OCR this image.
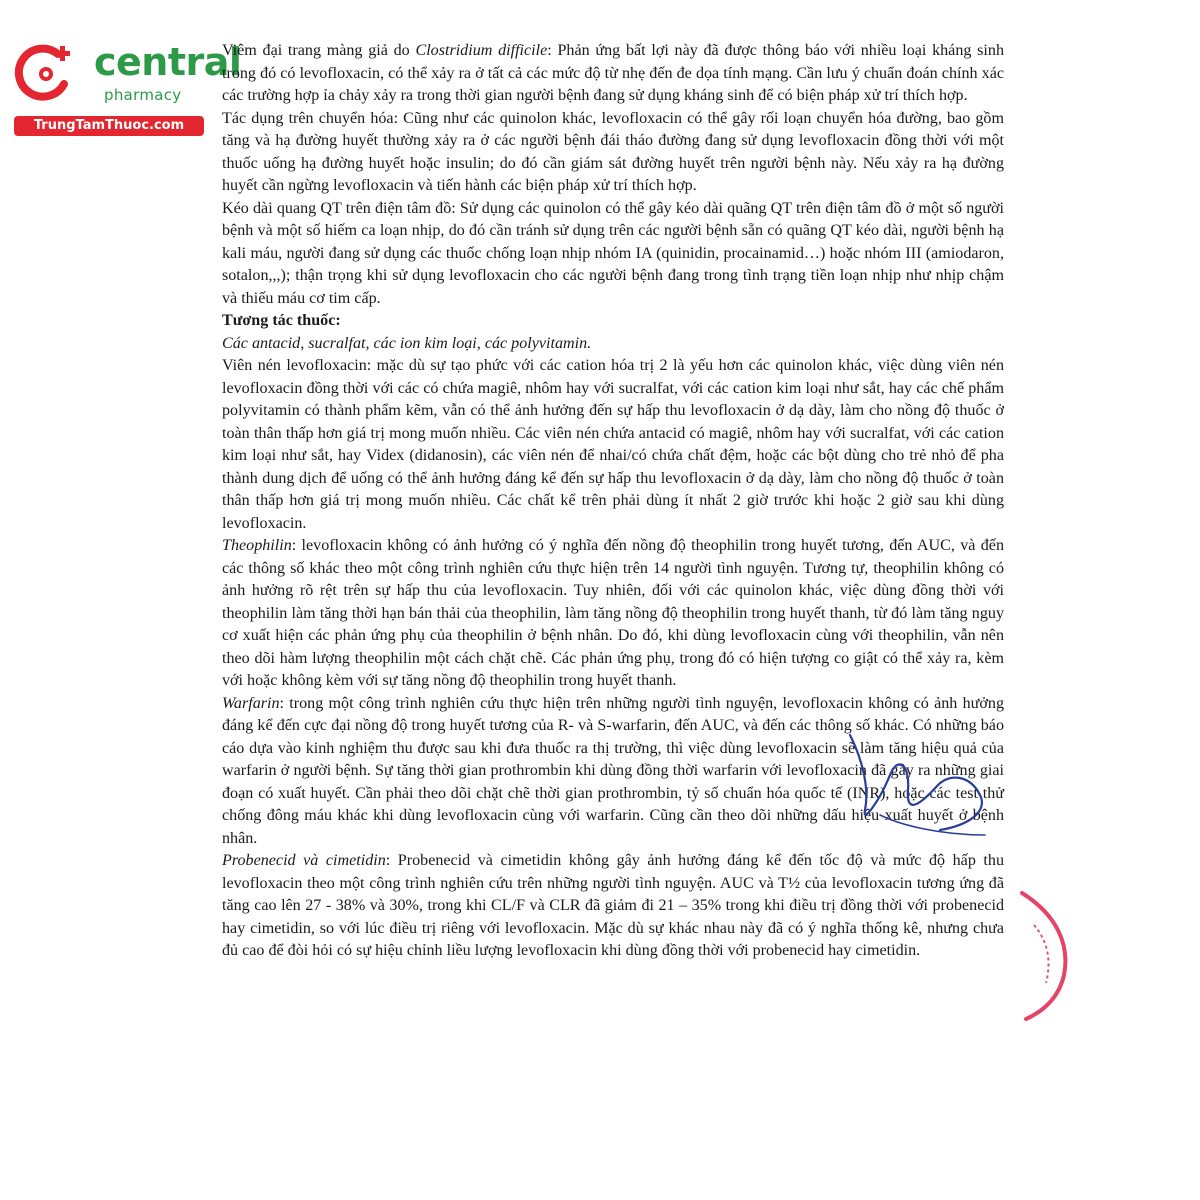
central
pharmacy
TrungTamThuoc.com

Viêm đại trang màng giả do Clostridium difficile: Phản ứng bất lợi này đã được thông báo với nhiều loại kháng sinh trong đó có levofloxacin, có thể xảy ra ở tất cả các mức độ từ nhẹ đến đe dọa tính mạng. Cần lưu ý chuẩn đoán chính xác các trường hợp ỉa chảy xảy ra trong thời gian người bệnh đang sử dụng kháng sinh để có biện pháp xử trí thích hợp.

Tác dụng trên chuyển hóa: Cũng như các quinolon khác, levofloxacin có thể gây rối loạn chuyển hóa đường, bao gồm tăng và hạ đường huyết thường xảy ra ở các người bệnh đái tháo đường đang sử dụng levofloxacin đồng thời với một thuốc uống hạ đường huyết hoặc insulin; do đó cần giám sát đường huyết trên người bệnh này. Nếu xảy ra hạ đường huyết cần ngừng levofloxacin và tiến hành các biện pháp xử trí thích hợp.

Kéo dài quang QT trên điện tâm đồ: Sử dụng các quinolon có thể gây kéo dài quãng QT trên điện tâm đồ ở một số người bệnh và một số hiếm ca loạn nhịp, do đó cần tránh sử dụng trên các người bệnh sẵn có quãng QT kéo dài, người bệnh hạ kali máu, người đang sử dụng các thuốc chống loạn nhịp nhóm IA (quinidin, procainamid…) hoặc nhóm III (amiodaron, sotalon,,,); thận trọng khi sử dụng levofloxacin cho các người bệnh đang trong tình trạng tiền loạn nhịp như nhịp chậm và thiếu máu cơ tim cấp.

Tương tác thuốc:

Các antacid, sucralfat, các ion kim loại, các polyvitamin.

Viên nén levofloxacin: mặc dù sự tạo phức với các cation hóa trị 2 là yếu hơn các quinolon khác, việc dùng viên nén levofloxacin đồng thời với các có chứa magiê, nhôm hay với sucralfat, với các cation kim loại như sắt, hay các chế phẩm polyvitamin có thành phẩm kẽm, vẫn có thể ảnh hưởng đến sự hấp thu levofloxacin ở dạ dày, làm cho nồng độ thuốc ở toàn thân thấp hơn giá trị mong muốn nhiều. Các viên nén chứa antacid có magiê, nhôm hay với sucralfat, với các cation kim loại như sắt, hay Videx (didanosin), các viên nén để nhai/có chứa chất đệm, hoặc các bột dùng cho trẻ nhỏ để pha thành dung dịch để uống có thể ảnh hưởng đáng kể đến sự hấp thu levofloxacin ở dạ dày, làm cho nồng độ thuốc ở toàn thân thấp hơn giá trị mong muốn nhiều. Các chất kể trên phải dùng ít nhất 2 giờ trước khi hoặc 2 giờ sau khi dùng levofloxacin.

Theophilin: levofloxacin không có ảnh hưởng có ý nghĩa đến nồng độ theophilin trong huyết tương, đến AUC, và đến các thông số khác theo một công trình nghiên cứu thực hiện trên 14 người tình nguyện. Tương tự, theophilin không có ảnh hưởng rõ rệt trên sự hấp thu của levofloxacin. Tuy nhiên, đối với các quinolon khác, việc dùng đồng thời với theophilin làm tăng thời hạn bán thải của theophilin, làm tăng nồng độ theophilin trong huyết thanh, từ đó làm tăng nguy cơ xuất hiện các phản ứng phụ của theophilin ở bệnh nhân. Do đó, khi dùng levofloxacin cùng với theophilin, vẫn nên theo dõi hàm lượng theophilin một cách chặt chẽ. Các phản ứng phụ, trong đó có hiện tượng co giật có thể xảy ra, kèm với hoặc không kèm với sự tăng nồng độ theophilin trong huyết thanh.

Warfarin: trong một công trình nghiên cứu thực hiện trên những người tình nguyện, levofloxacin không có ảnh hưởng đáng kể đến cực đại nồng độ trong huyết tương của R- và S-warfarin, đến AUC, và đến các thông số khác. Có những báo cáo dựa vào kinh nghiệm thu được sau khi đưa thuốc ra thị trường, thì việc dùng levofloxacin sẽ làm tăng hiệu quả của warfarin ở người bệnh. Sự tăng thời gian prothrombin khi dùng đồng thời warfarin với levofloxacin đã gây ra những giai đoạn có xuất huyết. Cần phải theo dõi chặt chẽ thời gian prothrombin, tỷ số chuẩn hóa quốc tế (INR), hoặc các test thử chống đông máu khác khi dùng levofloxacin cùng với warfarin. Cũng cần theo dõi những dấu hiệu xuất huyết ở bệnh nhân.

Probenecid và cimetidin: Probenecid và cimetidin không gây ảnh hưởng đáng kể đến tốc độ và mức độ hấp thu levofloxacin theo một công trình nghiên cứu trên những người tình nguyện. AUC và T½ của levofloxacin tương ứng đã tăng cao lên 27 - 38% và 30%, trong khi CL/F và CLR đã giảm đi 21 – 35% trong khi điều trị đồng thời với probenecid hay cimetidin, so với lúc điều trị riêng với levofloxacin. Mặc dù sự khác nhau này đã có ý nghĩa thống kê, nhưng chưa đủ cao để đòi hỏi có sự hiệu chỉnh liều lượng levofloxacin khi dùng đồng thời với probenecid hay cimetidin.
